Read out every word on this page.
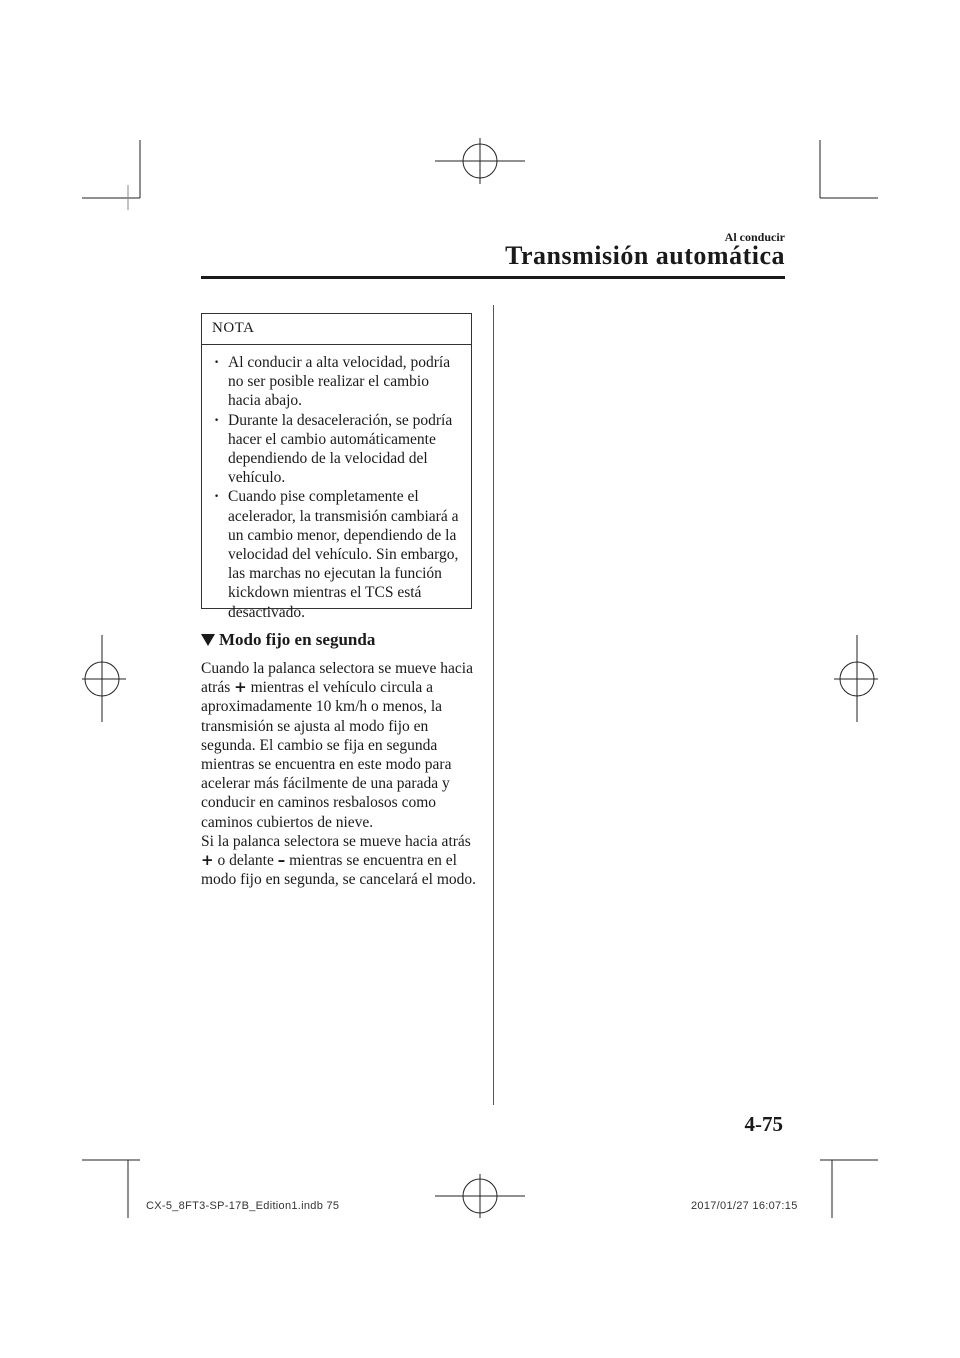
Al conducir
Transmisión automática
NOTA
· Al conducir a alta velocidad, podría no ser posible realizar el cambio hacia abajo.
· Durante la desaceleración, se podría hacer el cambio automáticamente dependiendo de la velocidad del vehículo.
· Cuando pise completamente el acelerador, la transmisión cambiará a un cambio menor, dependiendo de la velocidad del vehículo. Sin embargo, las marchas no ejecutan la función kickdown mientras el TCS está desactivado.
Modo fijo en segunda

Cuando la palanca selectora se mueve hacia atrás + mientras el vehículo circula a aproximadamente 10 km/h o menos, la transmisión se ajusta al modo fijo en segunda. El cambio se fija en segunda mientras se encuentra en este modo para acelerar más fácilmente de una parada y conducir en caminos resbalosos como caminos cubiertos de nieve.

Si la palanca selectora se mueve hacia atrás + o delante – mientras se encuentra en el modo fijo en segunda, se cancelará el modo.

4-75
CX-5_8FT3-SP-17B_Edition1.indb 75	2017/01/27 16:07:15
